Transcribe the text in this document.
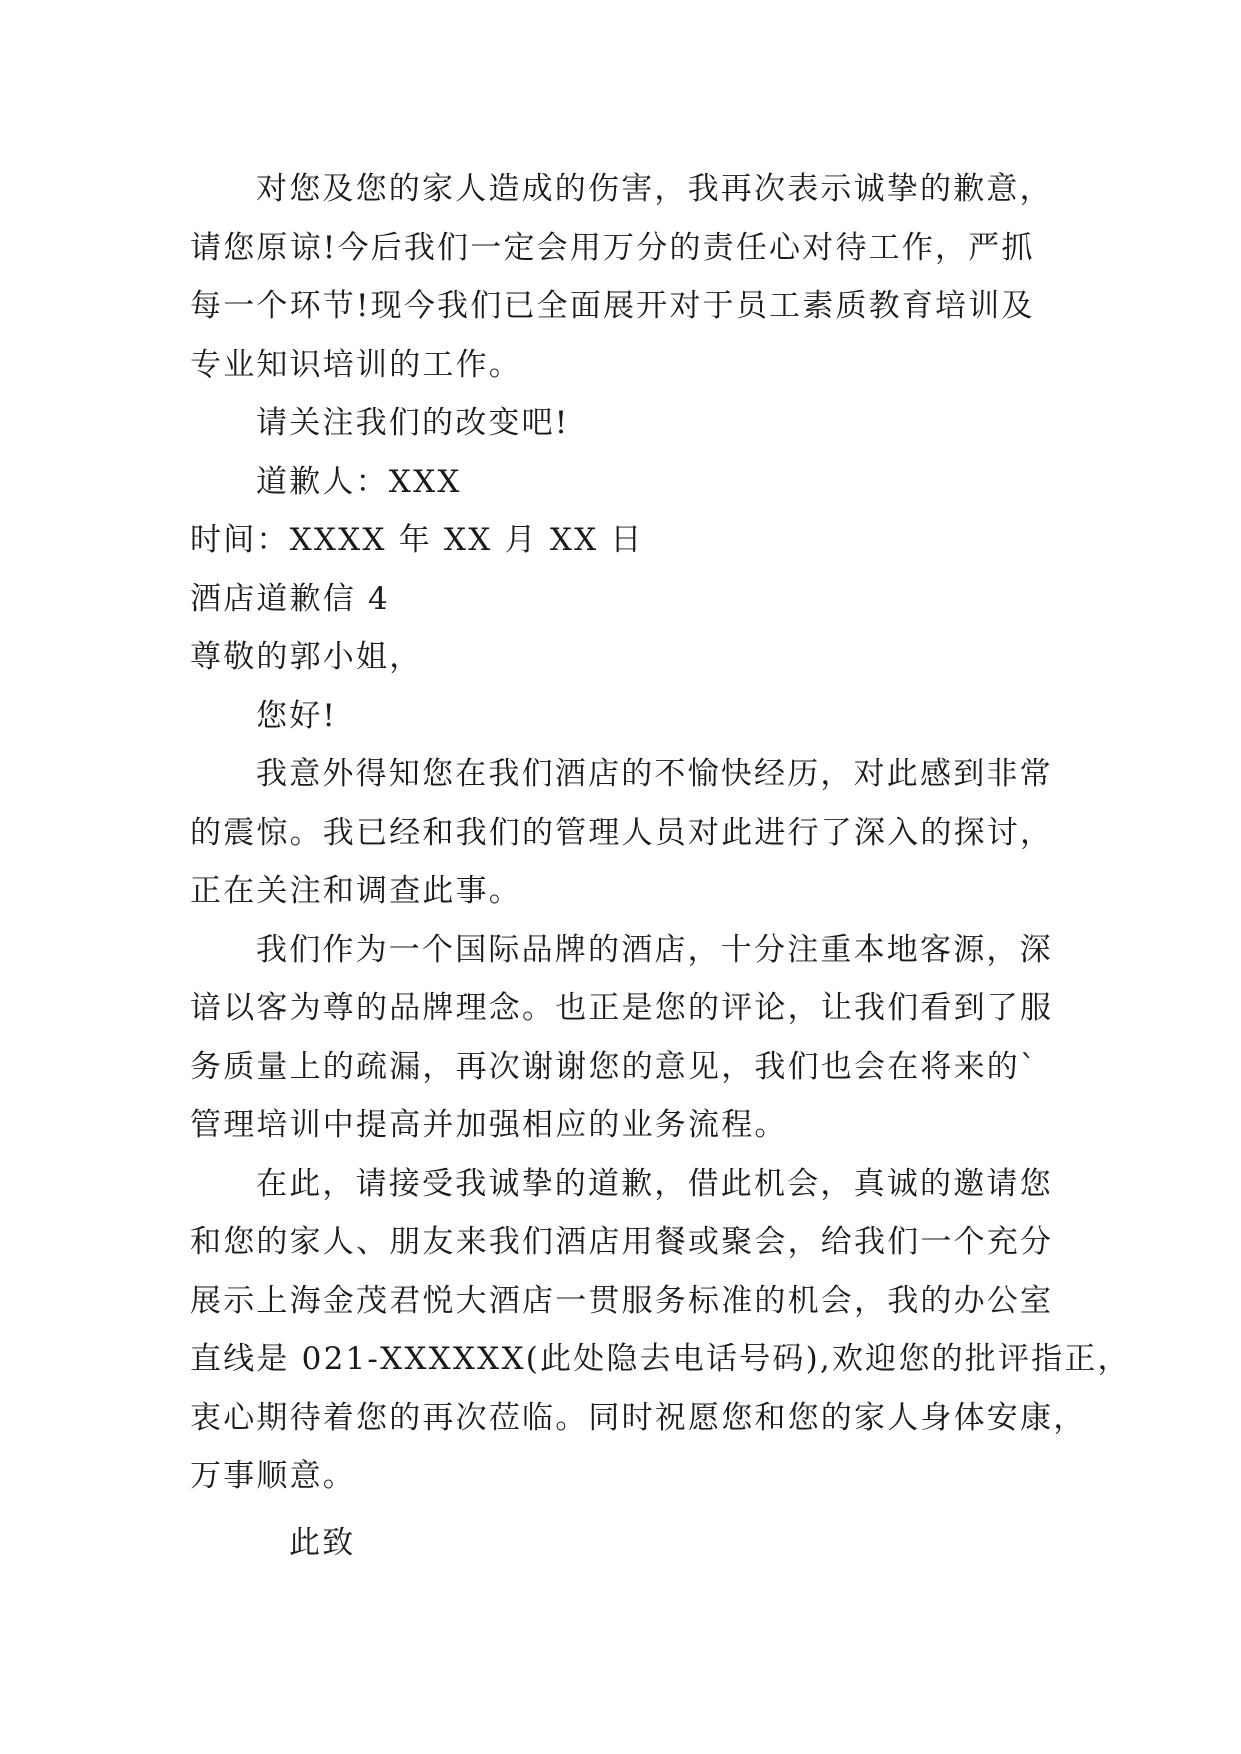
对您及您的家人造成的伤害，我再次表示诚挚的歉意，
请您原谅!今后我们一定会用万分的责任心对待工作，严抓
每一个环节!现今我们已全面展开对于员工素质教育培训及
专业知识培训的工作。
请关注我们的改变吧!
道歉人：XXX
时间：XXXX 年 XX 月 XX 日
酒店道歉信 4
尊敬的郭小姐，
您好!
我意外得知您在我们酒店的不愉快经历，对此感到非常
的震惊。我已经和我们的管理人员对此进行了深入的探讨，
正在关注和调查此事。
我们作为一个国际品牌的酒店，十分注重本地客源，深
谙以客为尊的品牌理念。也正是您的评论，让我们看到了服
务质量上的疏漏，再次谢谢您的意见，我们也会在将来的`
管理培训中提高并加强相应的业务流程。
在此，请接受我诚挚的道歉，借此机会，真诚的邀请您
和您的家人、朋友来我们酒店用餐或聚会，给我们一个充分
展示上海金茂君悦大酒店一贯服务标准的机会，我的办公室
直线是 021-XXXXXX(此处隐去电话号码),欢迎您的批评指正，
衷心期待着您的再次莅临。同时祝愿您和您的家人身体安康，
万事顺意。
此致
